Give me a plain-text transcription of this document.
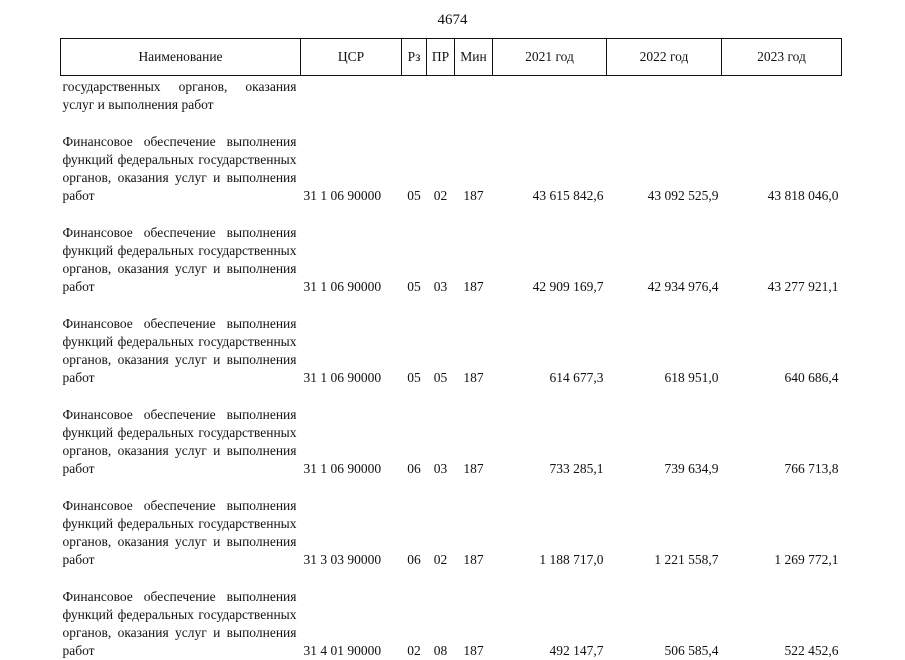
4674
Наименование	ЦСР	Рз	ПР	Мин	2021 год	2022 год	2023 год
государственных органов, оказания услуг и выполнения работ							
Финансовое обеспечение выполнения функций федеральных государственных органов, оказания услуг и выполнения работ	31 1 06 90000	05	02	187	43 615 842,6	43 092 525,9	43 818 046,0
Финансовое обеспечение выполнения функций федеральных государственных органов, оказания услуг и выполнения работ	31 1 06 90000	05	03	187	42 909 169,7	42 934 976,4	43 277 921,1
Финансовое обеспечение выполнения функций федеральных государственных органов, оказания услуг и выполнения работ	31 1 06 90000	05	05	187	614 677,3	618 951,0	640 686,4
Финансовое обеспечение выполнения функций федеральных государственных органов, оказания услуг и выполнения работ	31 1 06 90000	06	03	187	733 285,1	739 634,9	766 713,8
Финансовое обеспечение выполнения функций федеральных государственных органов, оказания услуг и выполнения работ	31 3 03 90000	06	02	187	1 188 717,0	1 221 558,7	1 269 772,1
Финансовое обеспечение выполнения функций федеральных государственных органов, оказания услуг и выполнения работ	31 4 01 90000	02	08	187	492 147,7	506 585,4	522 452,6
